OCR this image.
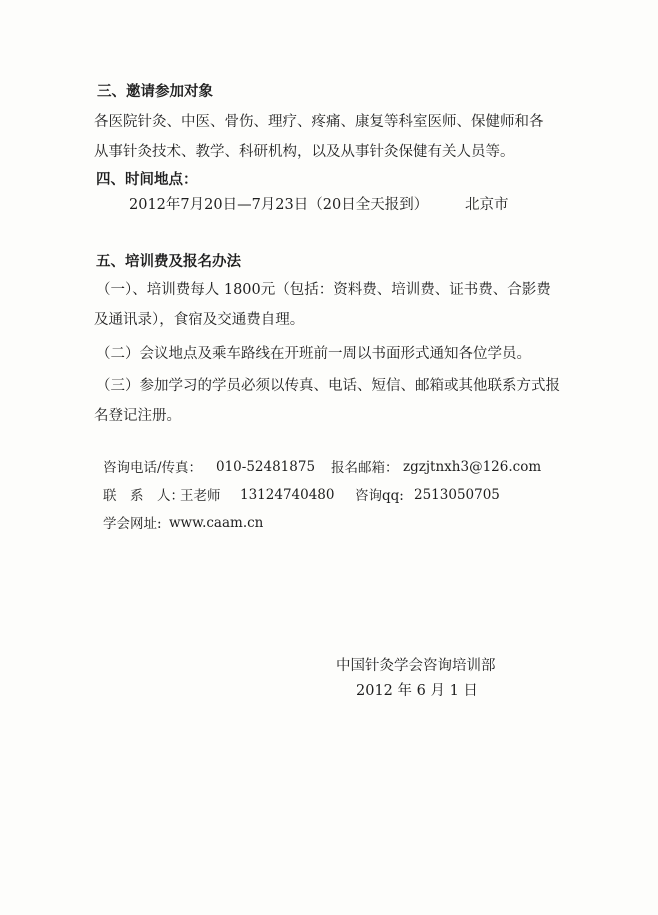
三、邀请参加对象
各医院针灸、中医、骨伤、理疗、疼痛、康复等科室医师、保健师和各
从事针灸技术、教学、科研机构，以及从事针灸保健有关人员等。
四、时间地点：
2012年7月20日—7月23日（20日全天报到）	北京市
五、培训费及报名办法
（一）、培训费每人 1800元（包括：资料费、培训费、证书费、合影费
及通讯录），食宿及交通费自理。
（二）会议地点及乘车路线在开班前一周以书面形式通知各位学员。
（三）参加学习的学员必须以传真、电话、短信、邮箱或其他联系方式报
名登记注册。
咨询电话/传真： 010-52481875 报名邮箱： zgzjtnxh3@126.com
联　系　人：
王老师 13124740480 咨询qq: 2513050705
学会网址: www.caam.cn
中国针灸学会咨询培训部
2012 年 6 月 1 日
